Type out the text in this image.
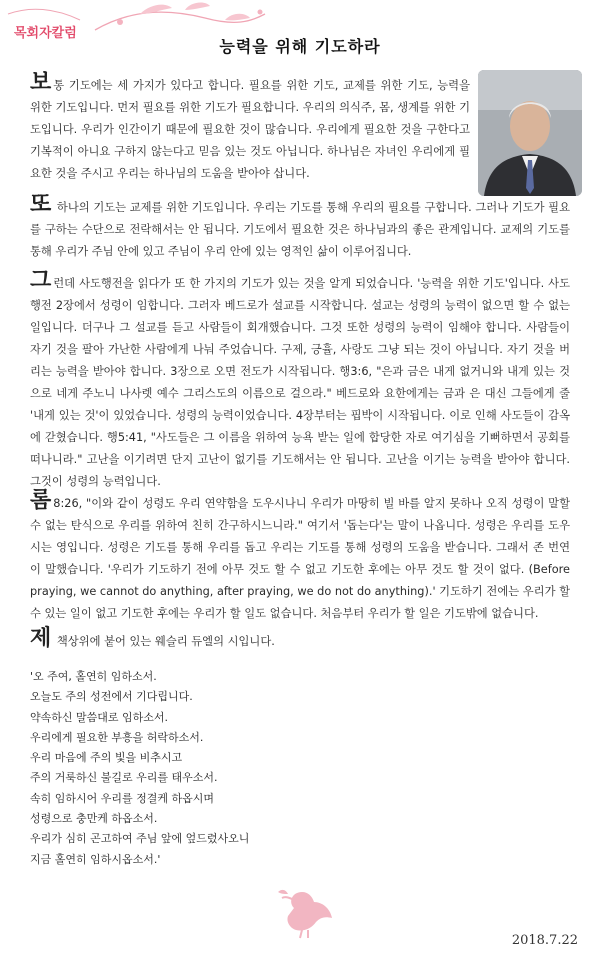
목회자칼럼
능력을 위해 기도하라
보통 기도에는 세 가지가 있다고 합니다. 필요를 위한 기도, 교제를 위한 기도, 능력을 위한 기도입니다. 먼저 필요를 위한 기도가 필요합니다. 우리의 의식주, 몸, 생계를 위한 기도입니다. 우리가 인간이기 때문에 필요한 것이 많습니다. 우리에게 필요한 것을 구한다고 기복적이 아니요 구하지 않는다고 믿음 있는 것도 아닙니다. 하나님은 자녀인 우리에게 필요한 것을 주시고 우리는 하나님의 도움을 받아야 삽니다.
또 하나의 기도는 교제를 위한 기도입니다. 우리는 기도를 통해 우리의 필요를 구합니다. 그러나 기도가 필요를 구하는 수단으로 전락해서는 안 됩니다. 기도에서 필요한 것은 하나님과의 좋은 관계입니다. 교제의 기도를 통해 우리가 주님 안에 있고 주님이 우리 안에 있는 영적인 삶이 이루어집니다.
그런데 사도행전을 읽다가 또 한 가지의 기도가 있는 것을 알게 되었습니다. '능력을 위한 기도'입니다. 사도행전 2장에서 성령이 임합니다. 그러자 베드로가 설교를 시작합니다. 설교는 성령의 능력이 없으면 할 수 없는 일입니다. 더구나 그 설교를 듣고 사람들이 회개했습니다. 그것 또한 성령의 능력이 임해야 합니다. 사람들이 자기 것을 팔아 가난한 사람에게 나눠 주었습니다. 구제, 긍휼, 사랑도 그냥 되는 것이 아닙니다. 자기 것을 버리는 능력을 받아야 합니다. 3장으로 오면 전도가 시작됩니다. 행3:6, "은과 금은 내게 없거니와 내게 있는 것으로 네게 주노니 나사렛 예수 그리스도의 이름으로 걸으라." 베드로와 요한에게는 금과 은 대신 그들에게 줄 '내게 있는 것'이 있었습니다. 성령의 능력이었습니다. 4장부터는 핍박이 시작됩니다. 이로 인해 사도들이 감옥에 갇혔습니다. 행5:41, "사도들은 그 이름을 위하여 능욕 받는 일에 합당한 자로 여기심을 기뻐하면서 공회를 떠나니라." 고난을 이기려면 단지 고난이 없기를 기도해서는 안 됩니다. 고난을 이기는 능력을 받아야 합니다. 그것이 성령의 능력입니다.
롬 8:26, "이와 같이 성령도 우리 연약함을 도우시나니 우리가 마땅히 빌 바를 알지 못하나 오직 성령이 말할 수 없는 탄식으로 우리를 위하여 친히 간구하시느니라." 여기서 '돕는다'는 말이 나옵니다. 성령은 우리를 도우시는 영입니다. 성령은 기도를 통해 우리를 돕고 우리는 기도를 통해 성령의 도움을 받습니다. 그래서 존 번연이 말했습니다. '우리가 기도하기 전에 아무 것도 할 수 없고 기도한 후에는 아무 것도 할 것이 없다. (Before praying, we cannot do anything, after praying, we do not do anything).' 기도하기 전에는 우리가 할 수 있는 일이 없고 기도한 후에는 우리가 할 일도 없습니다. 처음부터 우리가 할 일은 기도밖에 없습니다.
제 책상위에 붙어 있는 웨슬리 듀엘의 시입니다.
'오 주여, 홀연히 임하소서.
오늘도 주의 성전에서 기다립니다.
약속하신 말씀대로 임하소서.
우리에게 필요한 부흥을 허락하소서.
우리 마음에 주의 빛을 비추시고
주의 거룩하신 불길로 우리를 태우소서.
속히 임하시어 우리를 정결케 하옵시며
성령으로 충만케 하옵소서.
우리가 심히 곤고하여 주님 앞에 엎드렸사오니
지금 홀연히 임하시옵소서.'
2018.7.22
